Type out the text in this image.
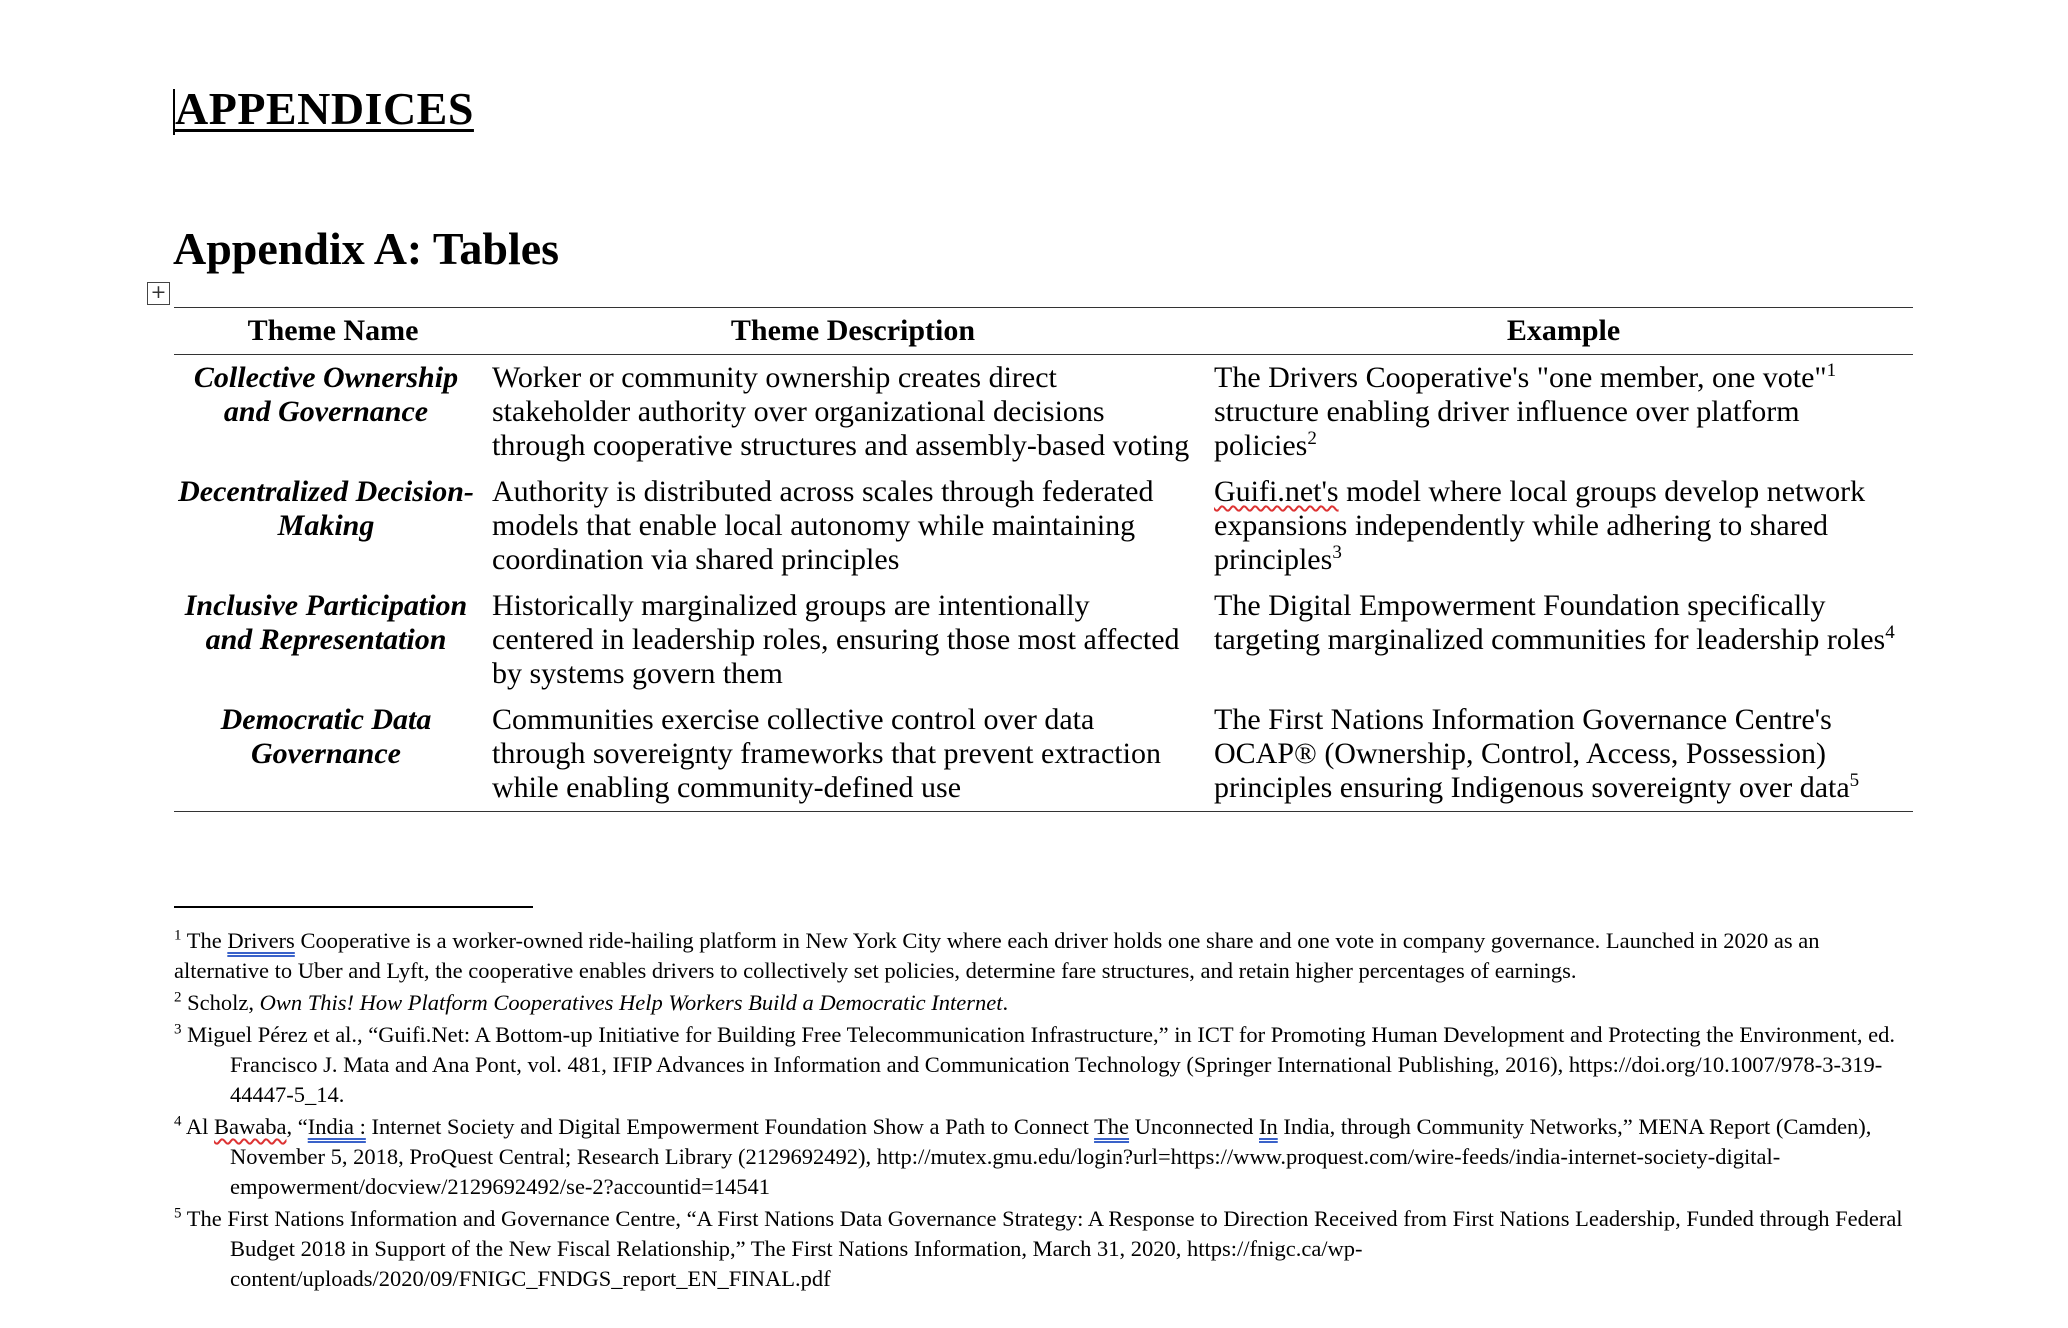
APPENDICES
Appendix A: Tables
+
Theme Name	Theme Description	Example
Collective Ownership and Governance	Worker or community ownership creates direct stakeholder authority over organizational decisions through cooperative structures and assembly-based voting	The Drivers Cooperative's "one member, one vote"$^1$ structure enabling driver influence over platform policies$^2$
Decentralized Decision-Making	Authority is distributed across scales through federated models that enable local autonomy while maintaining coordination via shared principles	Guifi.net's model where local groups develop network expansions independently while adhering to shared principles$^3$
Inclusive Participation and Representation	Historically marginalized groups are intentionally centered in leadership roles, ensuring those most affected by systems govern them	The Digital Empowerment Foundation specifically targeting marginalized communities for leadership roles$^4$
Democratic Data Governance	Communities exercise collective control over data through sovereignty frameworks that prevent extraction while enabling community-defined use	The First Nations Information Governance Centre's OCAP® (Ownership, Control, Access, Possession) principles ensuring Indigenous sovereignty over data$^5$
$^1$ The Drivers Cooperative is a worker-owned ride-hailing platform in New York City where each driver holds one share and one vote in company governance. Launched in 2020 as an alternative to Uber and Lyft, the cooperative enables drivers to collectively set policies, determine fare structures, and retain higher percentages of earnings.
$^2$ Scholz, Own This! How Platform Cooperatives Help Workers Build a Democratic Internet.
$^3$ Miguel Pérez et al., “Guifi.Net: A Bottom-up Initiative for Building Free Telecommunication Infrastructure,” in ICT for Promoting Human Development and Protecting the Environment, ed. Francisco J. Mata and Ana Pont, vol. 481, IFIP Advances in Information and Communication Technology (Springer International Publishing, 2016), https://doi.org/10.1007/978-3-319-44447-5_14.
$^4$ Al Bawaba, “India : Internet Society and Digital Empowerment Foundation Show a Path to Connect The Unconnected In India, through Community Networks,” MENA Report (Camden), November 5, 2018, ProQuest Central; Research Library (2129692492), http://mutex.gmu.edu/login?url=https://www.proquest.com/wire-feeds/india-internet-society-digital-empowerment/docview/2129692492/se-2?accountid=14541
$^5$ The First Nations Information and Governance Centre, “A First Nations Data Governance Strategy: A Response to Direction Received from First Nations Leadership, Funded through Federal Budget 2018 in Support of the New Fiscal Relationship,” The First Nations Information, March 31, 2020, https://fnigc.ca/wp-content/uploads/2020/09/FNIGC_FNDGS_report_EN_FINAL.pdf
